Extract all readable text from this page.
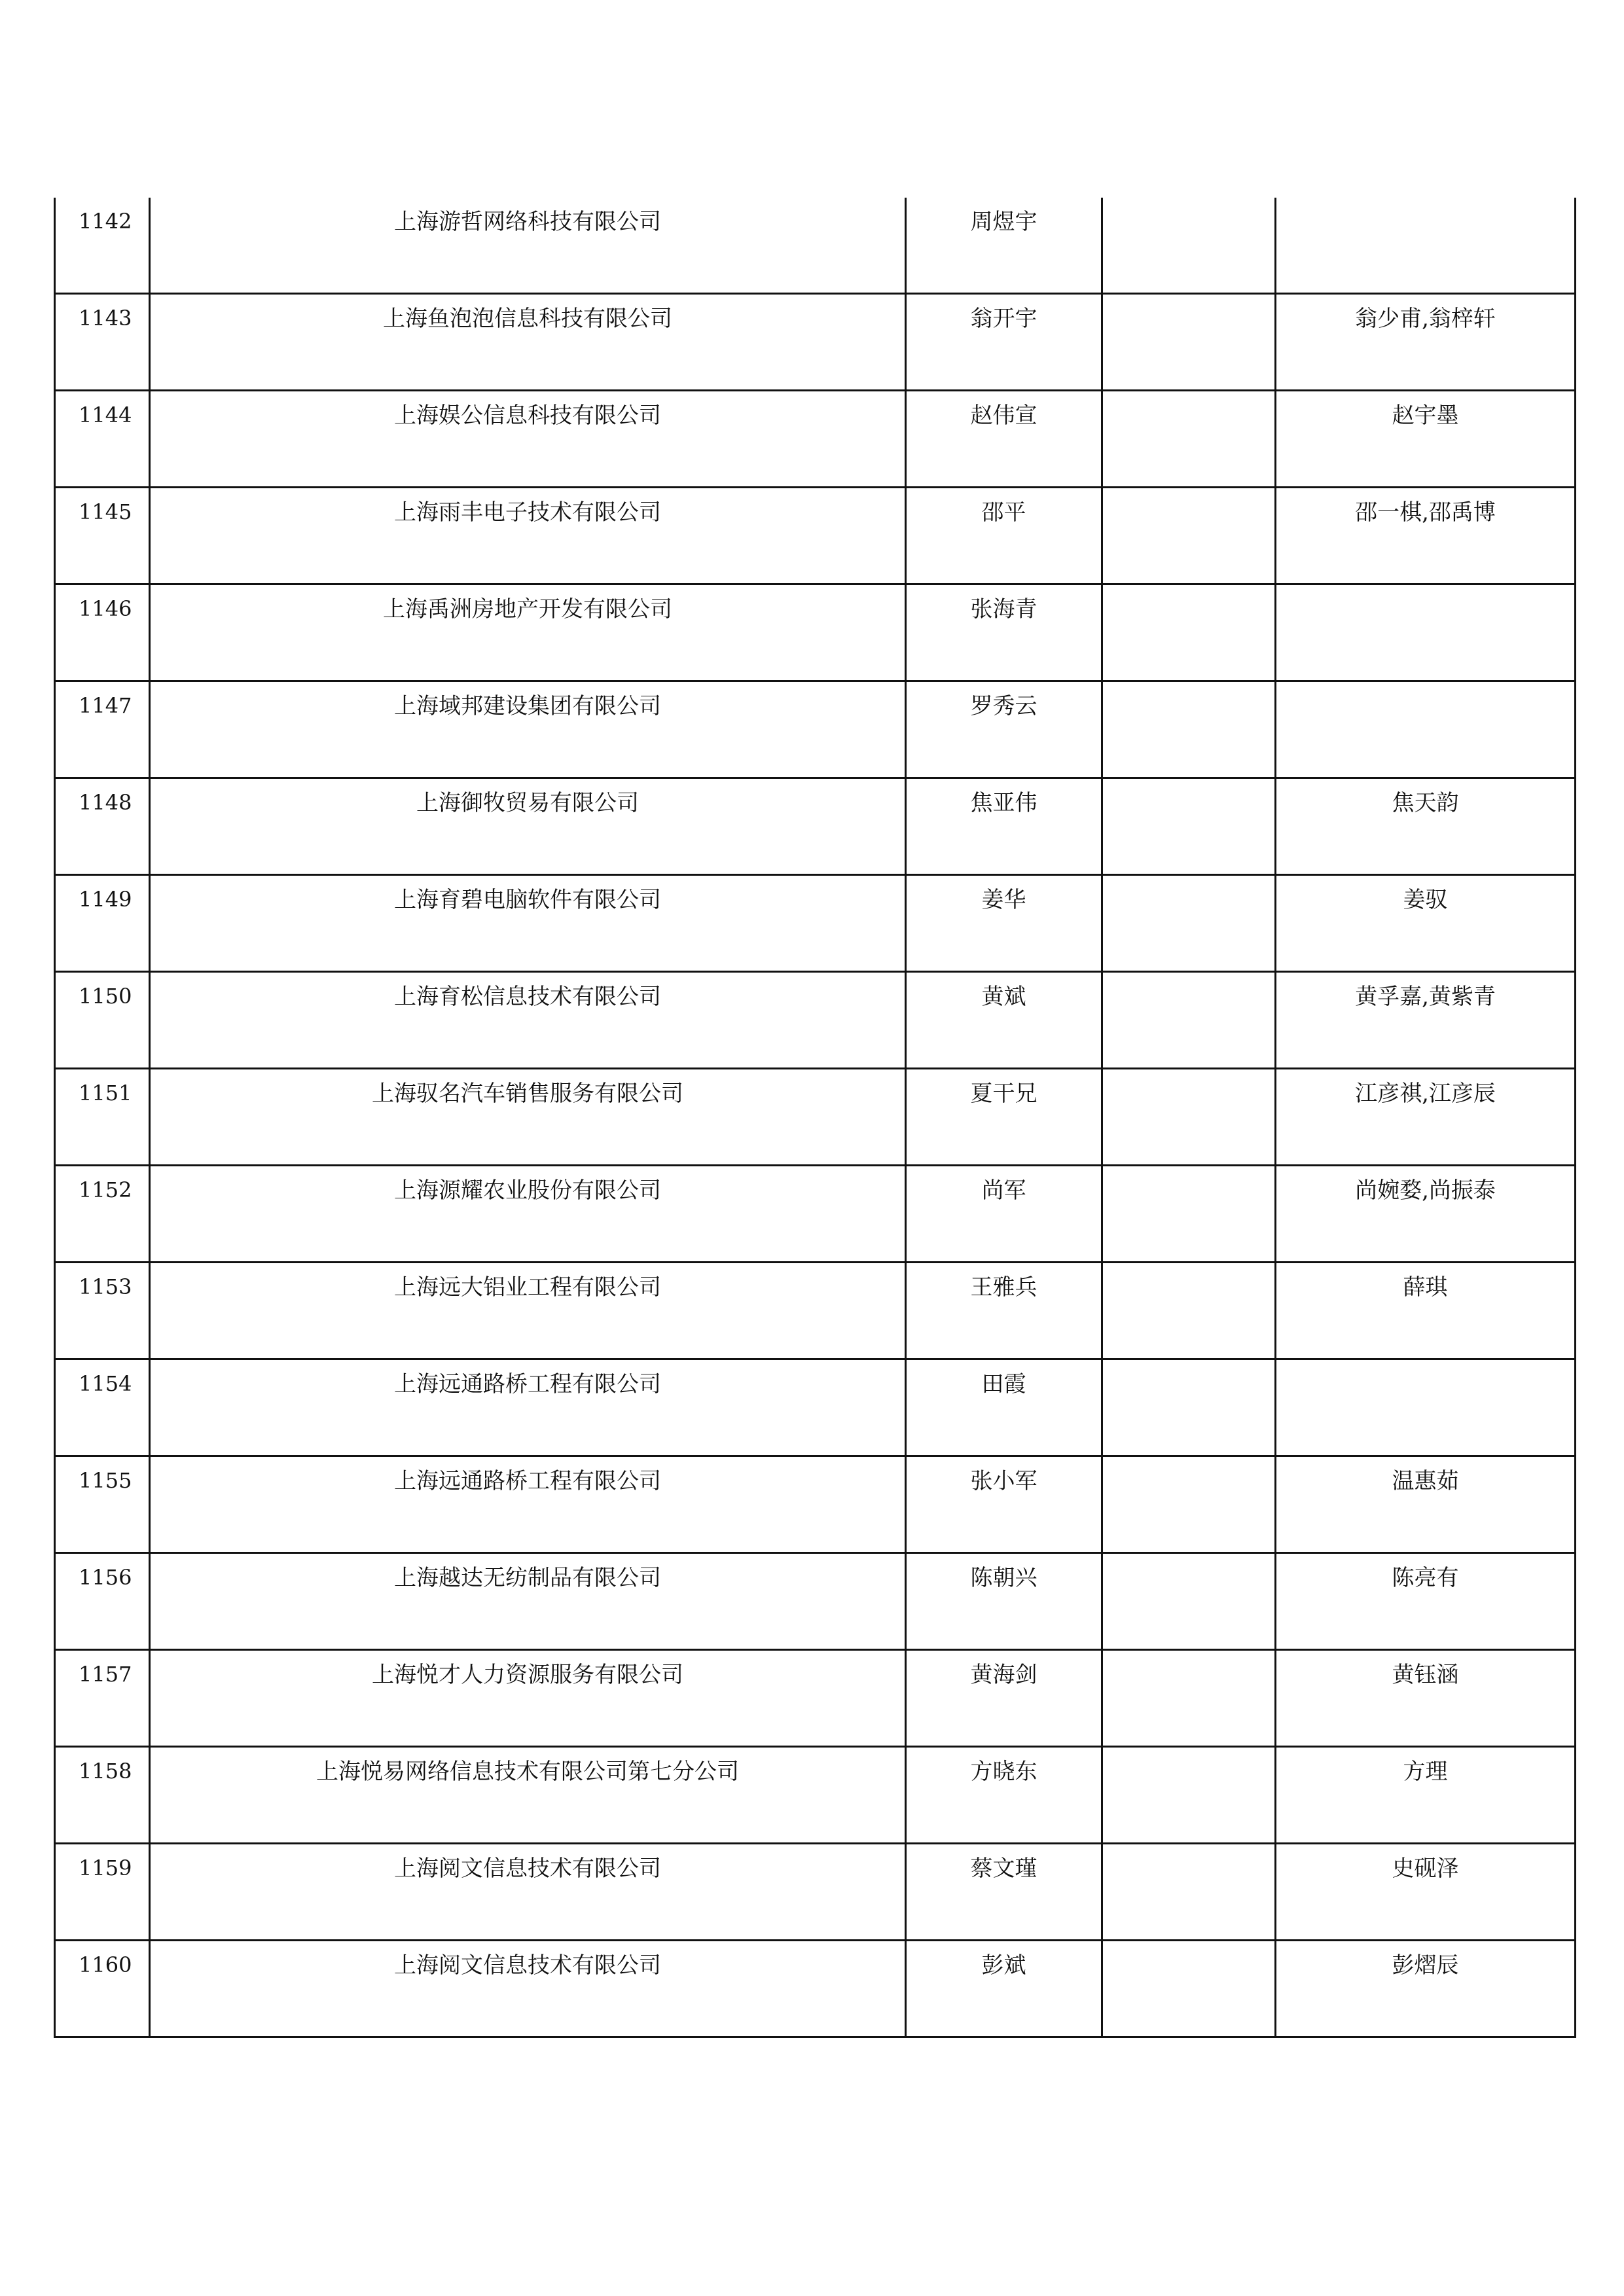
1142	上海游哲网络科技有限公司	周煜宇		

1143	上海鱼泡泡信息科技有限公司	翁开宇		翁少甫,翁梓轩

1144	上海娱公信息科技有限公司	赵伟宣		赵宇墨

1145	上海雨丰电子技术有限公司	邵平		邵一棋,邵禹博

1146	上海禹洲房地产开发有限公司	张海青		

1147	上海域邦建设集团有限公司	罗秀云		

1148	上海御牧贸易有限公司	焦亚伟		焦天韵

1149	上海育碧电脑软件有限公司	姜华		姜驭

1150	上海育松信息技术有限公司	黄斌		黄孚嘉,黄紫青

1151	上海驭名汽车销售服务有限公司	夏干兄		江彦祺,江彦辰

1152	上海源耀农业股份有限公司	尚军		尚婉婺,尚振泰

1153	上海远大铝业工程有限公司	王雅兵		薛琪

1154	上海远通路桥工程有限公司	田霞		

1155	上海远通路桥工程有限公司	张小军		温惠茹

1156	上海越达无纺制品有限公司	陈朝兴		陈亮有

1157	上海悦才人力资源服务有限公司	黄海剑		黄钰涵

1158	上海悦易网络信息技术有限公司第七分公司	方晓东		方理

1159	上海阅文信息技术有限公司	蔡文瑾		史砚泽

1160	上海阅文信息技术有限公司	彭斌		彭熠辰
